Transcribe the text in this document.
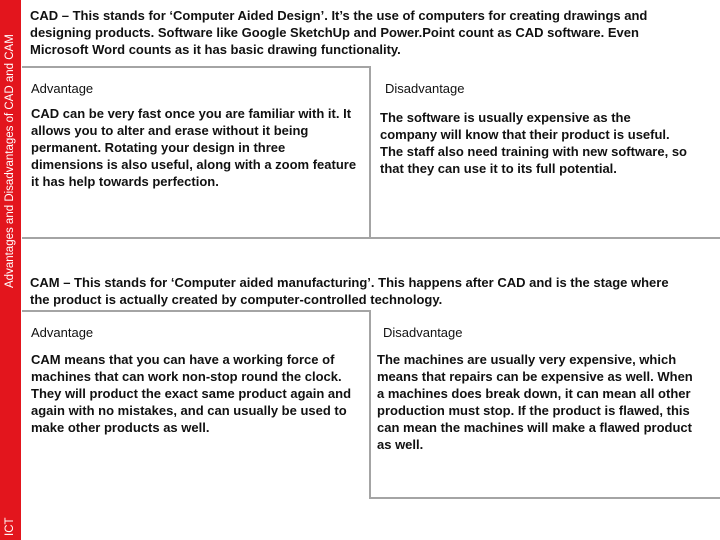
Advantages and Disadvantages of CAD and CAM
ICT

CAD – This stands for ‘Computer Aided Design’. It’s the use of computers for creating drawings and designing products. Software like Google SketchUp and Power.Point count as CAD software. Even Microsoft Word counts as it has basic drawing functionality.

Advantage

CAD can be very fast once you are familiar with it. It allows you to alter and erase without it being permanent. Rotating your design in three dimensions is also useful, along with a zoom feature it has help towards perfection.

Disadvantage

The software is usually expensive as the company will know that their product is useful. The staff also need training with new software, so that they can use it to its full potential.

CAM – This stands for ‘Computer aided manufacturing’. This happens after CAD and is the stage where the product is actually created by computer-controlled technology.

Advantage

CAM means that you can have a working force of machines that can work non-stop round the clock. They will product the exact same product again and again with no mistakes, and can usually be used to make other products as well.

Disadvantage

The machines are usually very expensive, which means that repairs can be expensive as well. When a machines does break down, it can mean all other production must stop. If the product is flawed, this can mean the machines will make a flawed product as well.
